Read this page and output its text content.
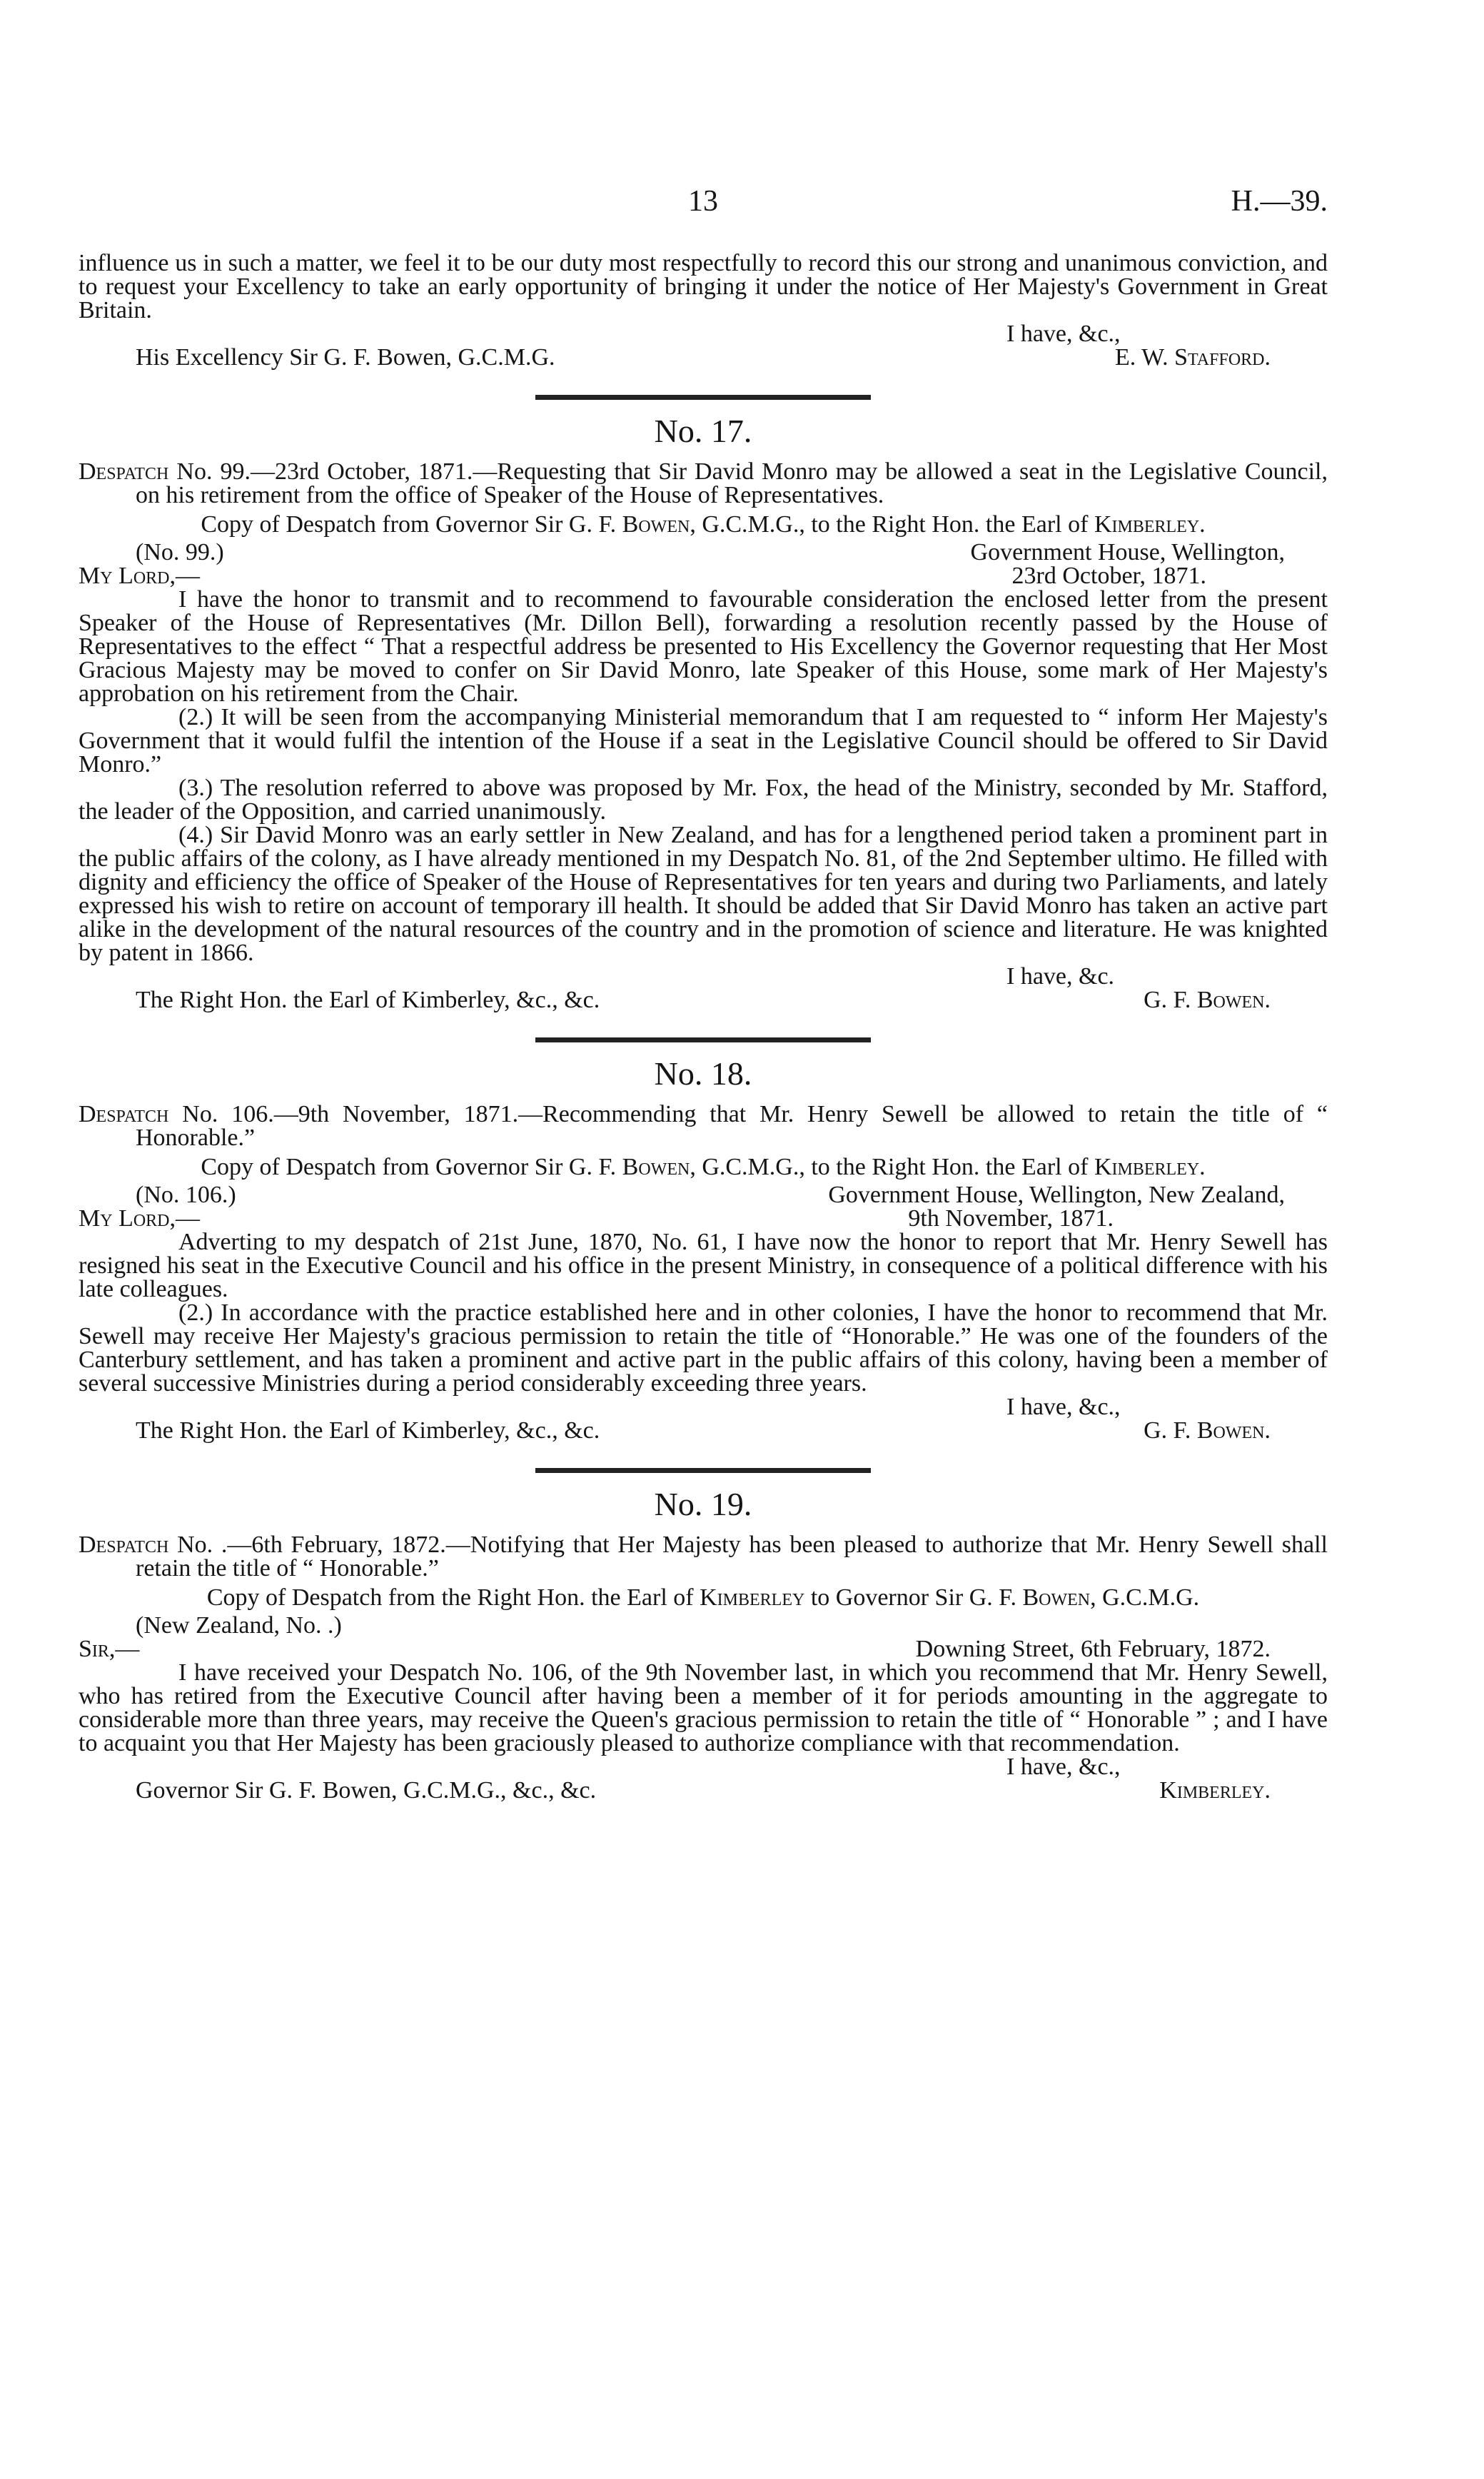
13	H.—39.

influence us in such a matter, we feel it to be our duty most respectfully to record this our strong and unanimous conviction, and to request your Excellency to take an early opportunity of bringing it under the notice of Her Majesty's Government in Great Britain.

I have, &c.,
His Excellency Sir G. F. Bowen, G.C.M.G.	E. W. Stafford.
No. 17.

Despatch No. 99.—23rd October, 1871.—Requesting that Sir David Monro may be allowed a seat in the Legislative Council, on his retirement from the office of Speaker of the House of Representatives.

Copy of Despatch from Governor Sir G. F. Bowen, G.C.M.G., to the Right Hon. the Earl of Kimberley.

(No. 99.)	Government House, Wellington,
My Lord,—	23rd October, 1871.

I have the honor to transmit and to recommend to favourable consideration the enclosed letter from the present Speaker of the House of Representatives (Mr. Dillon Bell), forwarding a resolution recently passed by the House of Representatives to the effect “ That a respectful address be presented to His Excellency the Governor requesting that Her Most Gracious Majesty may be moved to confer on Sir David Monro, late Speaker of this House, some mark of Her Majesty's approbation on his retirement from the Chair.

(2.) It will be seen from the accompanying Ministerial memorandum that I am requested to “ inform Her Majesty's Government that it would fulfil the intention of the House if a seat in the Legislative Council should be offered to Sir David Monro.”

(3.) The resolution referred to above was proposed by Mr. Fox, the head of the Ministry, seconded by Mr. Stafford, the leader of the Opposition, and carried unanimously.

(4.) Sir David Monro was an early settler in New Zealand, and has for a lengthened period taken a prominent part in the public affairs of the colony, as I have already mentioned in my Despatch No. 81, of the 2nd September ultimo. He filled with dignity and efficiency the office of Speaker of the House of Representatives for ten years and during two Parliaments, and lately expressed his wish to retire on account of temporary ill health. It should be added that Sir David Monro has taken an active part alike in the development of the natural resources of the country and in the promotion of science and literature. He was knighted by patent in 1866.

I have, &c.
The Right Hon. the Earl of Kimberley, &c., &c.	G. F. Bowen.
No. 18.

Despatch No. 106.—9th November, 1871.—Recommending that Mr. Henry Sewell be allowed to retain the title of “ Honorable.”

Copy of Despatch from Governor Sir G. F. Bowen, G.C.M.G., to the Right Hon. the Earl of Kimberley.

(No. 106.)	Government House, Wellington, New Zealand,
My Lord,—	9th November, 1871.

Adverting to my despatch of 21st June, 1870, No. 61, I have now the honor to report that Mr. Henry Sewell has resigned his seat in the Executive Council and his office in the present Ministry, in consequence of a political difference with his late colleagues.

(2.) In accordance with the practice established here and in other colonies, I have the honor to recommend that Mr. Sewell may receive Her Majesty's gracious permission to retain the title of “Honorable.” He was one of the founders of the Canterbury settlement, and has taken a prominent and active part in the public affairs of this colony, having been a member of several successive Ministries during a period considerably exceeding three years.

I have, &c.,
The Right Hon. the Earl of Kimberley, &c., &c.	G. F. Bowen.
No. 19.

Despatch No. .—6th February, 1872.—Notifying that Her Majesty has been pleased to authorize that Mr. Henry Sewell shall retain the title of “ Honorable.”

Copy of Despatch from the Right Hon. the Earl of Kimberley to Governor Sir G. F. Bowen, G.C.M.G.

(New Zealand, No. .)
Sir,—	Downing Street, 6th February, 1872.

I have received your Despatch No. 106, of the 9th November last, in which you recommend that Mr. Henry Sewell, who has retired from the Executive Council after having been a member of it for periods amounting in the aggregate to considerable more than three years, may receive the Queen's gracious permission to retain the title of “ Honorable ” ; and I have to acquaint you that Her Majesty has been graciously pleased to authorize compliance with that recommendation.

I have, &c.,
Governor Sir G. F. Bowen, G.C.M.G., &c., &c.	Kimberley.
